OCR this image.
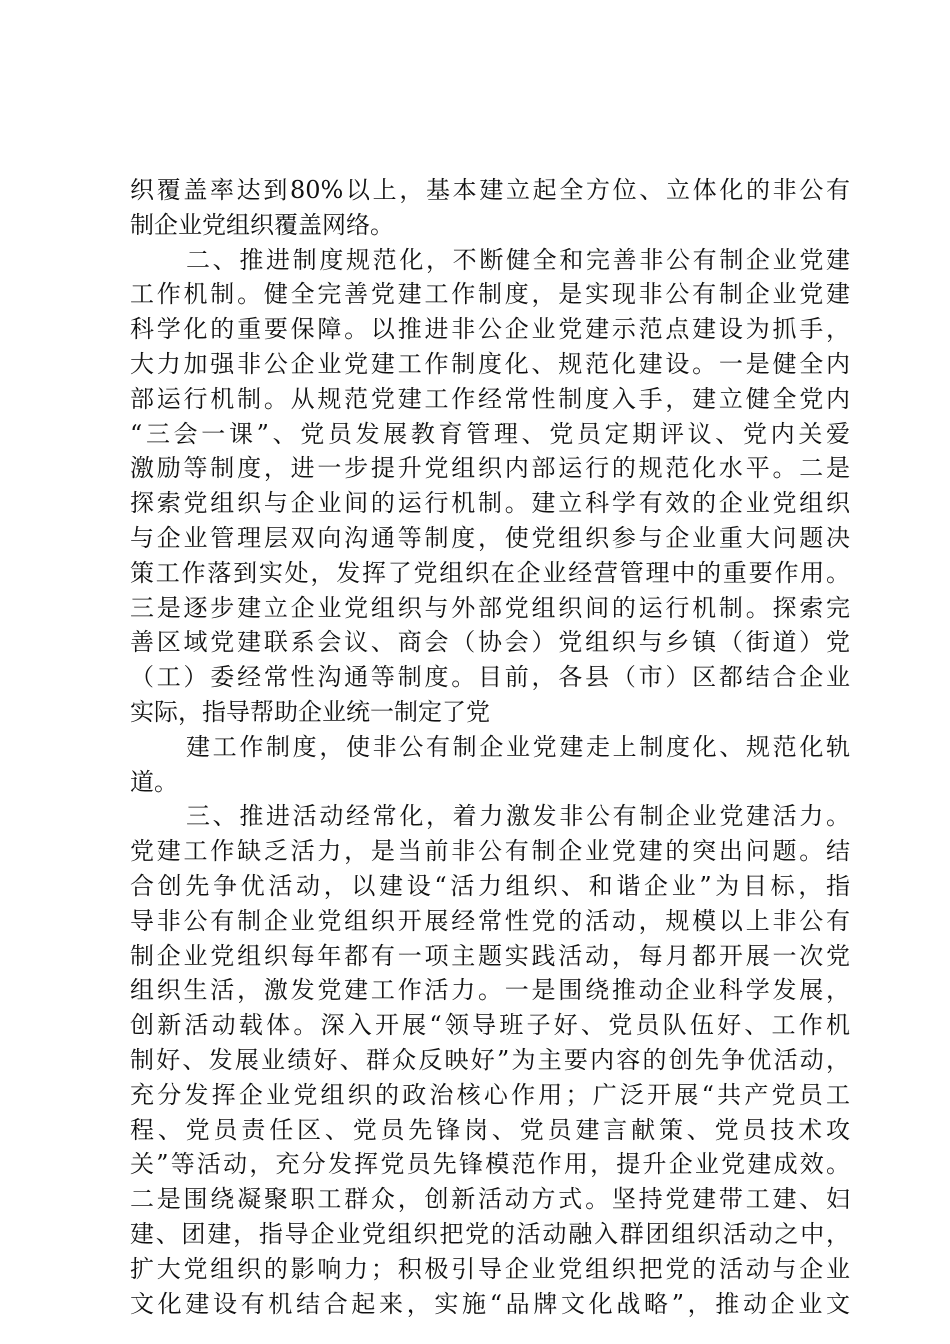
织覆盖率达到80%以上，基本建立起全方位、立体化的非公有
制企业党组织覆盖网络。
二、推进制度规范化，不断健全和完善非公有制企业党建
工作机制。健全完善党建工作制度，是实现非公有制企业党建
科学化的重要保障。以推进非公企业党建示范点建设为抓手，
大力加强非公企业党建工作制度化、规范化建设。一是健全内
部运行机制。从规范党建工作经常性制度入手，建立健全党内
“三会一课”、党员发展教育管理、党员定期评议、党内关爱
激励等制度，进一步提升党组织内部运行的规范化水平。二是
探索党组织与企业间的运行机制。建立科学有效的企业党组织
与企业管理层双向沟通等制度，使党组织参与企业重大问题决
策工作落到实处，发挥了党组织在企业经营管理中的重要作用。
三是逐步建立企业党组织与外部党组织间的运行机制。探索完
善区域党建联系会议、商会（协会）党组织与乡镇（街道）党
（工）委经常性沟通等制度。目前，各县（市）区都结合企业
实际，指导帮助企业统一制定了党
建工作制度，使非公有制企业党建走上制度化、规范化轨
道。
三、推进活动经常化，着力激发非公有制企业党建活力。
党建工作缺乏活力，是当前非公有制企业党建的突出问题。结
合创先争优活动，以建设“活力组织、和谐企业”为目标，指
导非公有制企业党组织开展经常性党的活动，规模以上非公有
制企业党组织每年都有一项主题实践活动，每月都开展一次党
组织生活，激发党建工作活力。一是围绕推动企业科学发展，
创新活动载体。深入开展“领导班子好、党员队伍好、工作机
制好、发展业绩好、群众反映好”为主要内容的创先争优活动，
充分发挥企业党组织的政治核心作用；广泛开展“共产党员工
程、党员责任区、党员先锋岗、党员建言献策、党员技术攻
关”等活动，充分发挥党员先锋模范作用，提升企业党建成效。
二是围绕凝聚职工群众，创新活动方式。坚持党建带工建、妇
建、团建，指导企业党组织把党的活动融入群团组织活动之中，
扩大党组织的影响力；积极引导企业党组织把党的活动与企业
文化建设有机结合起来，实施“品牌文化战略”，推动企业文
